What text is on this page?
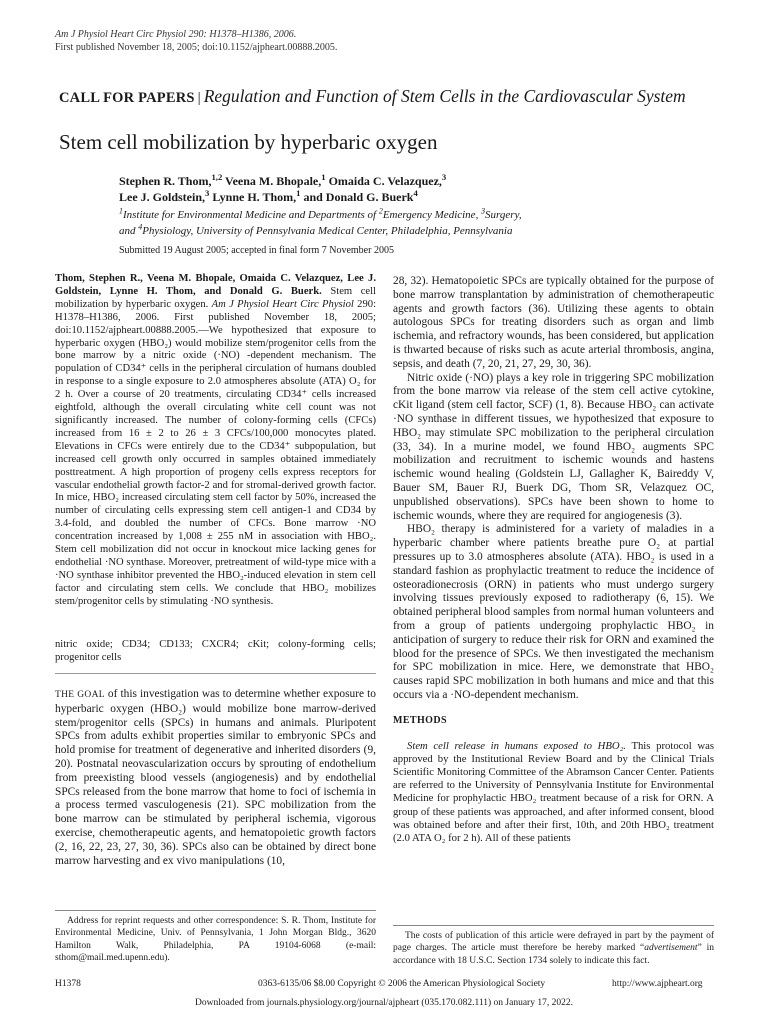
Am J Physiol Heart Circ Physiol 290: H1378–H1386, 2006.
First published November 18, 2005; doi:10.1152/ajpheart.00888.2005.
CALL FOR PAPERS | Regulation and Function of Stem Cells in the Cardiovascular System
Stem cell mobilization by hyperbaric oxygen
Stephen R. Thom,$^{1,2}$ Veena M. Bhopale,$^1$ Omaida C. Velazquez,$^3$
Lee J. Goldstein,$^3$ Lynne H. Thom,$^1$ and Donald G. Buerk$^4$
$^1$Institute for Environmental Medicine and Departments of $^2$Emergency Medicine, $^3$Surgery,
and $^4$Physiology, University of Pennsylvania Medical Center, Philadelphia, Pennsylvania
Submitted 19 August 2005; accepted in final form 7 November 2005

Thom, Stephen R., Veena M. Bhopale, Omaida C. Velazquez, Lee J. Goldstein, Lynne H. Thom, and Donald G. Buerk. Stem cell mobilization by hyperbaric oxygen. Am J Physiol Heart Circ Physiol 290: H1378–H1386, 2006. First published November 18, 2005; doi:10.1152/ajpheart.00888.2005.—We hypothesized that exposure to hyperbaric oxygen (HBO₂) would mobilize stem/progenitor cells from the bone marrow by a nitric oxide (·NO) -dependent mechanism. The population of CD34⁺ cells in the peripheral circulation of humans doubled in response to a single exposure to 2.0 atmospheres absolute (ATA) O₂ for 2 h. Over a course of 20 treatments, circulating CD34⁺ cells increased eightfold, although the overall circulating white cell count was not significantly increased. The number of colony-forming cells (CFCs) increased from 16 ± 2 to 26 ± 3 CFCs/100,000 monocytes plated. Elevations in CFCs were entirely due to the CD34⁺ subpopulation, but increased cell growth only occurred in samples obtained immediately posttreatment. A high proportion of progeny cells express receptors for vascular endothelial growth factor-2 and for stromal-derived growth factor. In mice, HBO₂ increased circulating stem cell factor by 50%, increased the number of circulating cells expressing stem cell antigen-1 and CD34 by 3.4-fold, and doubled the number of CFCs. Bone marrow ·NO concentration increased by 1,008 ± 255 nM in association with HBO₂. Stem cell mobilization did not occur in knockout mice lacking genes for endothelial ·NO synthase. Moreover, pretreatment of wild-type mice with a ·NO synthase inhibitor prevented the HBO₂-induced elevation in stem cell factor and circulating stem cells. We conclude that HBO₂ mobilizes stem/progenitor cells by stimulating ·NO synthesis.

nitric oxide; CD34; CD133; CXCR4; cKit; colony-forming cells; progenitor cells

THE GOAL of this investigation was to determine whether exposure to hyperbaric oxygen (HBO₂) would mobilize bone marrow-derived stem/progenitor cells (SPCs) in humans and animals. Pluripotent SPCs from adults exhibit properties similar to embryonic SPCs and hold promise for treatment of degenerative and inherited disorders (9, 20). Postnatal neovascularization occurs by sprouting of endothelium from preexisting blood vessels (angiogenesis) and by endothelial SPCs released from the bone marrow that home to foci of ischemia in a process termed vasculogenesis (21). SPC mobilization from the bone marrow can be stimulated by peripheral ischemia, vigorous exercise, chemotherapeutic agents, and hematopoietic growth factors (2, 16, 22, 23, 27, 30, 36). SPCs also can be obtained by direct bone marrow harvesting and ex vivo manipulations (10,

28, 32). Hematopoietic SPCs are typically obtained for the purpose of bone marrow transplantation by administration of chemotherapeutic agents and growth factors (36). Utilizing these agents to obtain autologous SPCs for treating disorders such as organ and limb ischemia, and refractory wounds, has been considered, but application is thwarted because of risks such as acute arterial thrombosis, angina, sepsis, and death (7, 20, 21, 27, 29, 30, 36).

Nitric oxide (·NO) plays a key role in triggering SPC mobilization from the bone marrow via release of the stem cell active cytokine, cKit ligand (stem cell factor, SCF) (1, 8). Because HBO₂ can activate ·NO synthase in different tissues, we hypothesized that exposure to HBO₂ may stimulate SPC mobilization to the peripheral circulation (33, 34). In a murine model, we found HBO₂ augments SPC mobilization and recruitment to ischemic wounds and hastens ischemic wound healing (Goldstein LJ, Gallagher K, Baireddy V, Bauer SM, Bauer RJ, Buerk DG, Thom SR, Velazquez OC, unpublished observations). SPCs have been shown to home to ischemic wounds, where they are required for angiogenesis (3).

HBO₂ therapy is administered for a variety of maladies in a hyperbaric chamber where patients breathe pure O₂ at partial pressures up to 3.0 atmospheres absolute (ATA). HBO₂ is used in a standard fashion as prophylactic treatment to reduce the incidence of osteoradionecrosis (ORN) in patients who must undergo surgery involving tissues previously exposed to radiotherapy (6, 15). We obtained peripheral blood samples from normal human volunteers and from a group of patients undergoing prophylactic HBO₂ in anticipation of surgery to reduce their risk for ORN and examined the blood for the presence of SPCs. We then investigated the mechanism for SPC mobilization in mice. Here, we demonstrate that HBO₂ causes rapid SPC mobilization in both humans and mice and that this occurs via a ·NO-dependent mechanism.

METHODS

Stem cell release in humans exposed to HBO₂. This protocol was approved by the Institutional Review Board and by the Clinical Trials Scientific Monitoring Committee of the Abramson Cancer Center. Patients are referred to the University of Pennsylvania Institute for Environmental Medicine for prophylactic HBO₂ treatment because of a risk for ORN. A group of these patients was approached, and after informed consent, blood was obtained before and after their first, 10th, and 20th HBO₂ treatment (2.0 ATA O₂ for 2 h). All of these patients

Address for reprint requests and other correspondence: S. R. Thom, Institute for Environmental Medicine, Univ. of Pennsylvania, 1 John Morgan Bldg., 3620 Hamilton Walk, Philadelphia, PA 19104-6068 (e-mail: sthom@mail.med.upenn.edu).
The costs of publication of this article were defrayed in part by the payment of page charges. The article must therefore be hereby marked “advertisement” in accordance with 18 U.S.C. Section 1734 solely to indicate this fact.
H1378	0363-6135/06 $8.00 Copyright © 2006 the American Physiological Society	http://www.ajpheart.org
Downloaded from journals.physiology.org/journal/ajpheart (035.170.082.111) on January 17, 2022.
